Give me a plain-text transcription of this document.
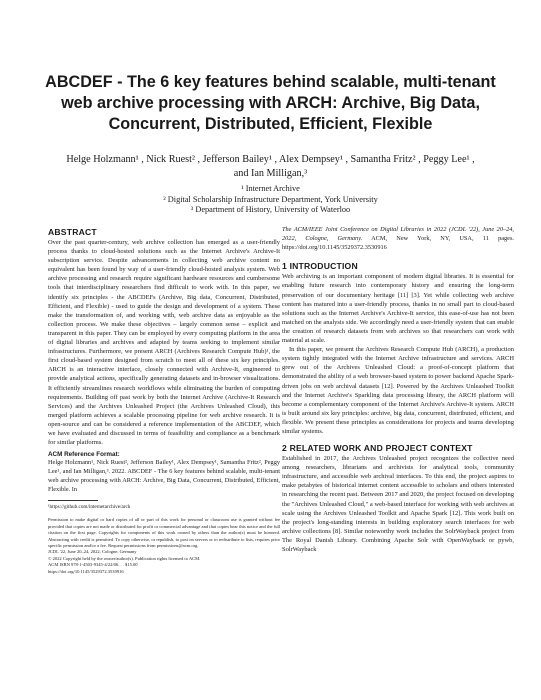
ABCDEF - The 6 key features behind scalable, multi-tenant web archive processing with ARCH: Archive, Big Data, Concurrent, Distributed, Efficient, Flexible
Helge Holzmann¹ , Nick Ruest² , Jefferson Bailey¹ , Alex Dempsey¹ , Samantha Fritz² , Peggy Lee¹ ,
and Ian Milligan,³
¹ Internet Archive
² Digital Scholarship Infrastructure Department, York University
³ Department of History, University of Waterloo
ABSTRACT

Over the past quarter-century, web archive collection has emerged as a user-friendly process thanks to cloud-hosted solutions such as the Internet Archive's Archive-It subscription service. Despite advancements in collecting web archive content no equivalent has been found by way of a user-friendly cloud-hosted analysis system. Web archive processing and research require significant hardware resources and cumbersome tools that interdisciplinary researchers find difficult to work with. In this paper, we identify six principles - the ABCDEFs (Archive, Big data, Concurrent, Distributed, Efficient, and Flexible) - used to guide the design and development of a system. These make the transformation of, and working with, web archive data as enjoyable as the collection process. We make these objectives – largely common sense – explicit and transparent in this paper. They can be employed by every computing platform in the area of digital libraries and archives and adapted by teams seeking to implement similar infrastructures. Furthermore, we present ARCH (Archives Research Compute Hub)¹, the first cloud-based system designed from scratch to meet all of these six key principles. ARCH is an interactive interface, closely connected with Archive-It, engineered to provide analytical actions, specifically generating datasets and in-browser visualizations. It efficiently streamlines research workflows while eliminating the burden of computing requirements. Building off past work by both the Internet Archive (Archive-It Research Services) and the Archives Unleashed Project (the Archives Unleashed Cloud), this merged platform achieves a scalable processing pipeline for web archive research. It is open-source and can be considered a reference implementation of the ABCDEF, which we have evaluated and discussed in terms of feasibility and compliance as a benchmark for similar platforms.

ACM Reference Format:

Helge Holzmann¹, Nick Ruest², Jefferson Bailey¹, Alex Dempsey¹, Samantha Fritz², Peggy Lee¹, and Ian Milligan,³. 2022. ABCDEF - The 6 key features behind scalable, multi-tenant web archive processing with ARCH: Archive, Big Data, Concurrent, Distributed, Efficient, Flexible. In

¹https://github.com/internetarchive/arch

Permission to make digital or hard copies of all or part of this work for personal or classroom use is granted without fee provided that copies are not made or distributed for profit or commercial advantage and that copies bear this notice and the full citation on the first page. Copyrights for components of this work owned by others than the author(s) must be honored. Abstracting with credit is permitted. To copy otherwise, or republish, to post on servers or to redistribute to lists, requires prior specific permission and/or a fee. Request permissions from permissions@acm.org.
JCDL '22, June 20–24, 2022, Cologne, Germany
© 2022 Copyright held by the owner/author(s). Publication rights licensed to ACM.
ACM ISBN 978-1-4503-9345-4/22/06. . . $15.00
https://doi.org/10.1145/3529372.3530916

The ACM/IEEE Joint Conference on Digital Libraries in 2022 (JCDL '22), June 20–24, 2022, Cologne, Germany. ACM, New York, NY, USA, 11 pages. https://doi.org/10.1145/3529372.3530916

1 INTRODUCTION

Web archiving is an important component of modern digital libraries. It is essential for enabling future research into contemporary history and ensuring the long-term preservation of our documentary heritage [11] [3]. Yet while collecting web archive content has matured into a user-friendly process, thanks in no small part to cloud-based solutions such as the Internet Archive's Archive-It service, this ease-of-use has not been matched on the analysis side. We accordingly need a user-friendly system that can enable the creation of research datasets from web archives so that researchers can work with material at scale.

In this paper, we present the Archives Research Compute Hub (ARCH), a production system tightly integrated with the Internet Archive infrastructure and services. ARCH grew out of the Archives Unleashed Cloud: a proof-of-concept platform that demonstrated the ability of a web browser-based system to power backend Apache Spark-driven jobs on web archival datasets [12]. Powered by the Archives Unleashed Toolkit and the Internet Archive's Sparkling data processing library, the ARCH platform will become a complementary component of the Internet Archive's Archive-It system. ARCH is built around six key principles: archive, big data, concurrent, distributed, efficient, and flexible. We present these principles as considerations for projects and teams developing similar systems.

2 RELATED WORK AND PROJECT CONTEXT

Established in 2017, the Archives Unleashed project recognizes the collective need among researchers, librarians and archivists for analytical tools, community infrastructure, and accessible web archival interfaces. To this end, the project aspires to make petabytes of historical internet content accessible to scholars and others interested in researching the recent past. Between 2017 and 2020, the project focused on developing the "Archives Unleashed Cloud," a web-based interface for working with web archives at scale using the Archives Unleashed Toolkit and Apache Spark [12]. This work built on the project's long-standing interests in building exploratory search interfaces for web archive collections [8]. Similar noteworthy work includes the SolrWayback project from The Royal Danish Library. Combining Apache Solr with OpenWayback or pywb, SolrWayback
